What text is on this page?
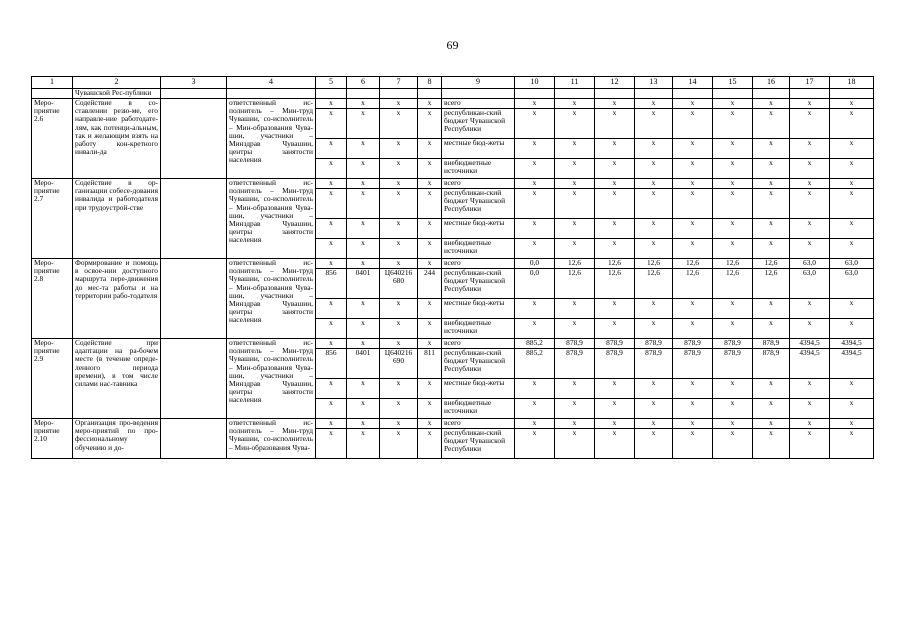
69
1	2	3	4	5	6	7	8	9	10	11	12	13	14	15	16	17	18
	Чувашской Рес-публики																
Меро-приятие 2.6	Содействие в со-ставлении резю-ме, его направле-ние работодате-лям, как потенци-альным, так и желающим взять на работу кон-кретного инвали-да		ответственный ис-полнитель – Мин-труд Чувашии, со-исполнитель – Мин-образования Чува-шии, участники – Минздрав Чувашии, центры занятости населения	x	x	x	x	всего	x	x	x	x	x	x	x	x	x
				x	x	x	x	республикан-ский бюджет Чувашской Республики	x	x	x	x	x	x	x	x	x
				x	x	x	x	местные бюд-жеты	x	x	x	x	x	x	x	x	x
				x	x	x	x	внебюджетные источники	x	x	x	x	x	x	x	x	x
Меро-приятие 2.7	Содействие в ор-ганизации собесе-дования инвалида и работодателя при трудоустрой-стве		ответственный ис-полнитель – Мин-труд Чувашии, со-исполнитель – Мин-образования Чува-шии, участники – Минздрав Чувашии, центры занятости населения	x	x	x	x	всего	x	x	x	x	x	x	x	x	x
				x	x	x	x	республикан-ский бюджет Чувашской Республики	x	x	x	x	x	x	x	x	x
				x	x	x	x	местные бюд-жеты	x	x	x	x	x	x	x	x	x
				x	x	x	x	внебюджетные источники	x	x	x	x	x	x	x	x	x
Меро-приятие 2.8	Формирование и помощь в освое-нии доступного маршрута пере-движения до мес-та работы и на территории рабо-тодателя		ответственный ис-полнитель – Мин-труд Чувашии, со-исполнитель – Мин-образования Чува-шии, участники – Минздрав Чувашии, центры занятости населения	x	x	x	x	всего	0,0	12,6	12,6	12,6	12,6	12,6	12,6	63,0	63,0
				856	0401	Ц640216 680	244	республикан-ский бюджет Чувашской Республики	0,0	12,6	12,6	12,6	12,6	12,6	12,6	63,0	63,0
				x	x	x	x	местные бюд-жеты	x	x	x	x	x	x	x	x	x
				x	x	x	x	внебюджетные источники	x	x	x	x	x	x	x	x	x
Меро-приятие 2.9	Содействие при адаптации на ра-бочем месте (в течение опреде-ленного периода времени), в том числе силами нас-тавника		ответственный ис-полнитель – Мин-труд Чувашии, со-исполнитель – Мин-образования Чува-шии, участники – Минздрав Чувашии, центры занятости населения	x	x	x	x	всего	885,2	878,9	878,9	878,9	878,9	878,9	878,9	4394,5	4394,5
				856	0401	Ц640216 690	811	республикан-ский бюджет Чувашской Республики	885,2	878,9	878,9	878,9	878,9	878,9	878,9	4394,5	4394,5
				x	x	x	x	местные бюд-жеты	x	x	x	x	x	x	x	x	x
				x	x	x	x	внебюджетные источники	x	x	x	x	x	x	x	x	x
Меро-приятие 2.10	Организация про-ведения меро-приятий по про-фессиональному обучению и до-		ответственный ис-полнитель – Мин-труд Чувашии, со-исполнитель – Мин-образования Чува-	x	x	x	x	всего	x	x	x	x	x	x	x	x	x
				x	x	x	x	республикан-ский бюджет Чувашской Республики	x	x	x	x	x	x	x	x	x
